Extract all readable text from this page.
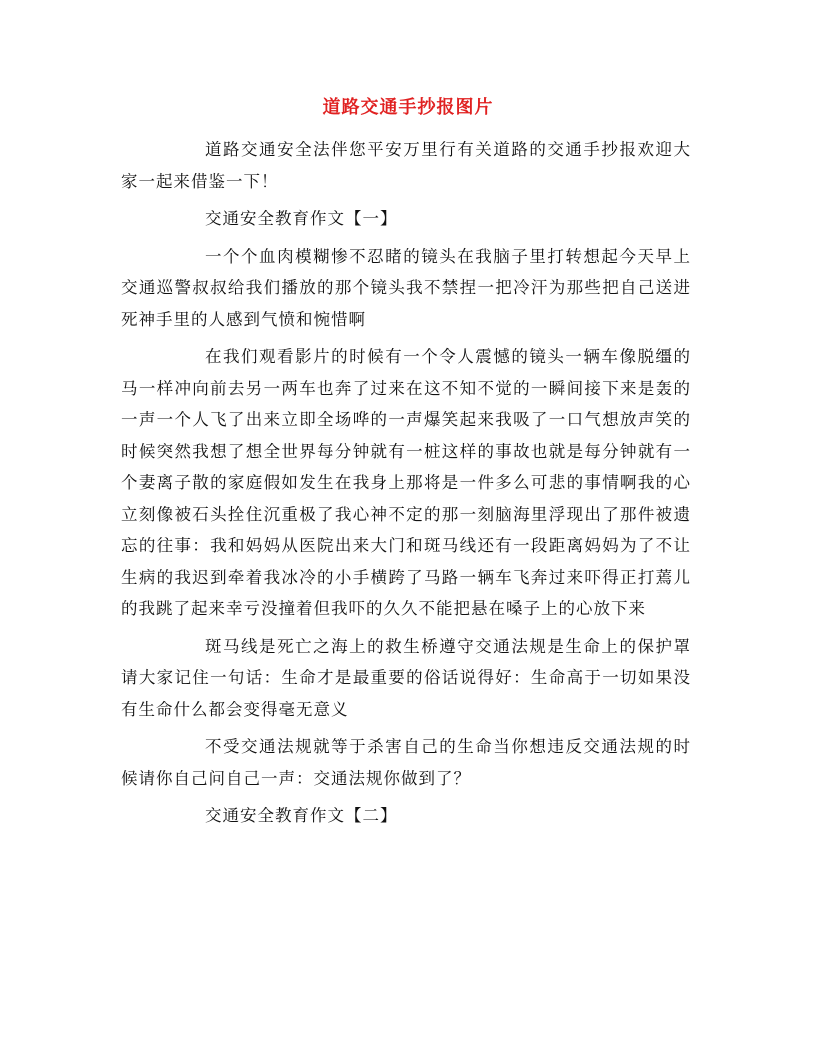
道路交通手抄报图片

道路交通安全法伴您平安万里行有关道路的交通手抄报欢迎大家一起来借鉴一下！

交通安全教育作文【一】

一个个血肉模糊惨不忍睹的镜头在我脑子里打转想起今天早上交通巡警叔叔给我们播放的那个镜头我不禁捏一把冷汗为那些把自己送进死神手里的人感到气愤和惋惜啊

在我们观看影片的时候有一个令人震憾的镜头一辆车像脱缰的马一样冲向前去另一两车也奔了过来在这不知不觉的一瞬间接下来是轰的一声一个人飞了出来立即全场哗的一声爆笑起来我吸了一口气想放声笑的时候突然我想了想全世界每分钟就有一桩这样的事故也就是每分钟就有一个妻离子散的家庭假如发生在我身上那将是一件多么可悲的事情啊我的心立刻像被石头拴住沉重极了我心神不定的那一刻脑海里浮现出了那件被遗忘的往事：我和妈妈从医院出来大门和斑马线还有一段距离妈妈为了不让生病的我迟到牵着我冰冷的小手横跨了马路一辆车飞奔过来吓得正打蔫儿的我跳了起来幸亏没撞着但我吓的久久不能把悬在嗓子上的心放下来

斑马线是死亡之海上的救生桥遵守交通法规是生命上的保护罩请大家记住一句话：生命才是最重要的俗话说得好：生命高于一切如果没有生命什么都会变得毫无意义

不受交通法规就等于杀害自己的生命当你想违反交通法规的时候请你自己问自己一声：交通法规你做到了？

交通安全教育作文【二】
